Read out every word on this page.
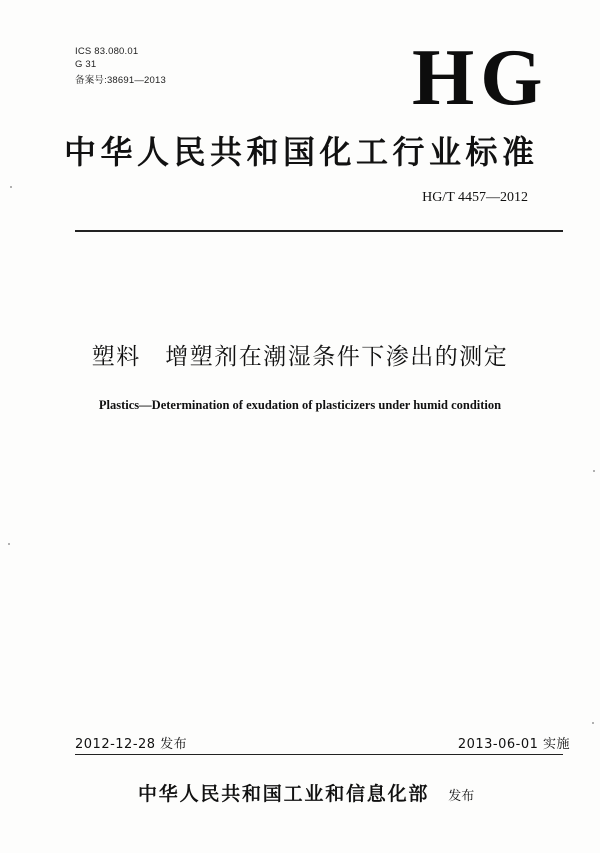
ICS 83.080.01
G 31
备案号:38691—2013	HG
中华人民共和国化工行业标准
HG/T 4457—2012
塑料　增塑剂在潮湿条件下渗出的测定
Plastics—Determination of exudation of plasticizers under humid condition
2012-12-28 发布	2013-06-01 实施
中华人民共和国工业和信息化部 发布
